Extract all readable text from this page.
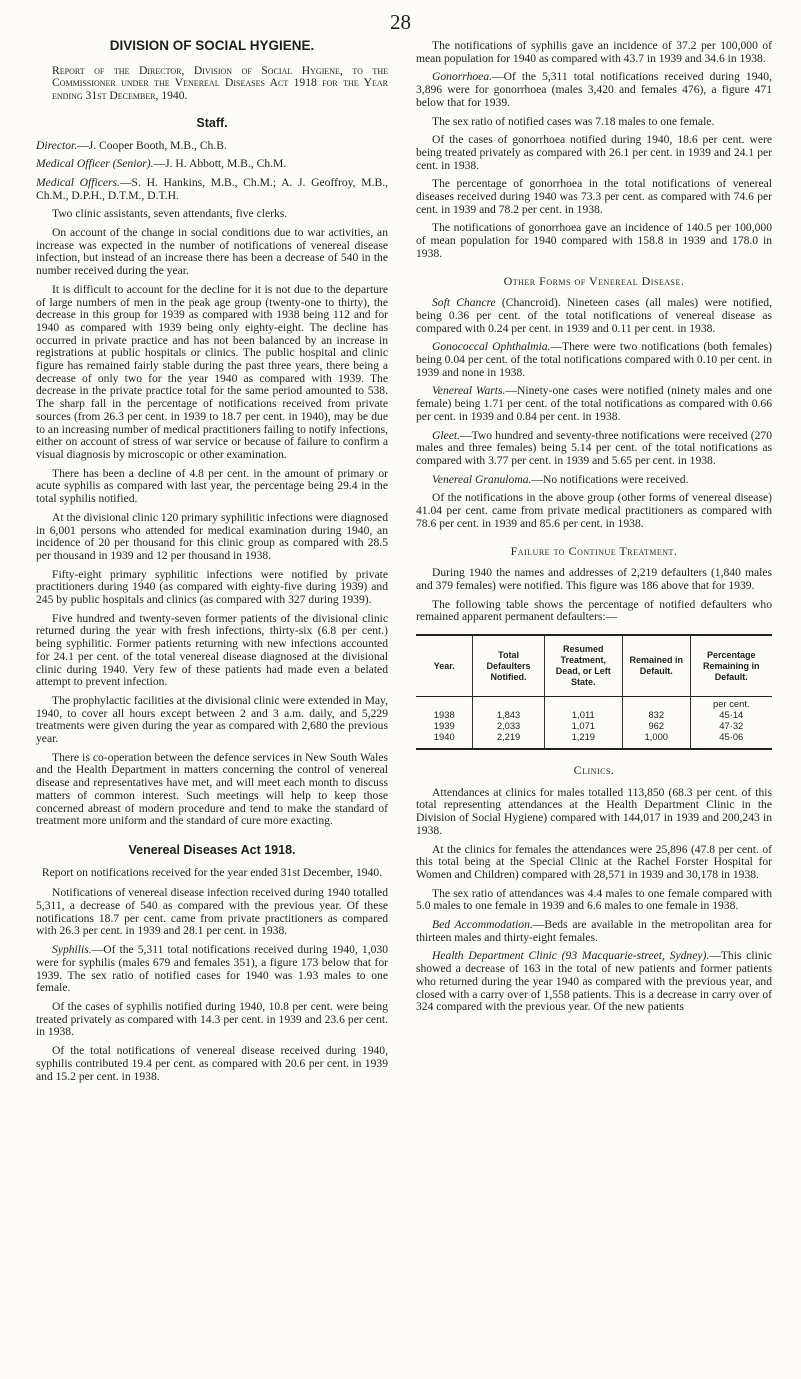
28
DIVISION OF SOCIAL HYGIENE.

Report of the Director, Division of Social Hygiene, to the Commissioner under the Venereal Diseases Act 1918 for the Year ending 31st December, 1940.

Staff.

Director.—J. Cooper Booth, M.B., Ch.B.

Medical Officer (Senior).—J. H. Abbott, M.B., Ch.M.

Medical Officers.—S. H. Hankins, M.B., Ch.M.; A. J. Geoffroy, M.B., Ch.M., D.P.H., D.T.M., D.T.H.

Two clinic assistants, seven attendants, five clerks.

On account of the change in social conditions due to war activities, an increase was expected in the number of notifications of venereal disease infection, but instead of an increase there has been a decrease of 540 in the number received during the year.

It is difficult to account for the decline for it is not due to the departure of large numbers of men in the peak age group (twenty-one to thirty), the decrease in this group for 1939 as compared with 1938 being 112 and for 1940 as compared with 1939 being only eighty-eight. The decline has occurred in private practice and has not been balanced by an increase in registrations at public hospitals or clinics. The public hospital and clinic figure has remained fairly stable during the past three years, there being a decrease of only two for the year 1940 as compared with 1939. The decrease in the private practice total for the same period amounted to 538. The sharp fall in the percentage of notifications received from private sources (from 26.3 per cent. in 1939 to 18.7 per cent. in 1940), may be due to an increasing number of medical practitioners failing to notify infections, either on account of stress of war service or because of failure to confirm a visual diagnosis by microscopic or other examination.

There has been a decline of 4.8 per cent. in the amount of primary or acute syphilis as compared with last year, the percentage being 29.4 in the total syphilis notified.

At the divisional clinic 120 primary syphilitic infections were diagnosed in 6,001 persons who attended for medical examination during 1940, an incidence of 20 per thousand for this clinic group as compared with 28.5 per thousand in 1939 and 12 per thousand in 1938.

Fifty-eight primary syphilitic infections were notified by private practitioners during 1940 (as compared with eighty-five during 1939) and 245 by public hospitals and clinics (as compared with 327 during 1939).

Five hundred and twenty-seven former patients of the divisional clinic returned during the year with fresh infections, thirty-six (6.8 per cent.) being syphilitic. Former patients returning with new infections accounted for 24.1 per cent. of the total venereal disease diagnosed at the divisional clinic during 1940. Very few of these patients had made even a belated attempt to prevent infection.

The prophylactic facilities at the divisional clinic were extended in May, 1940, to cover all hours except between 2 and 3 a.m. daily, and 5,229 treatments were given during the year as compared with 2,680 the previous year.

There is co-operation between the defence services in New South Wales and the Health Department in matters concerning the control of venereal disease and representatives have met, and will meet each month to discuss matters of common interest. Such meetings will help to keep those concerned abreast of modern procedure and tend to make the standard of treatment more uniform and the standard of cure more exacting.

Venereal Diseases Act 1918.
Report on notifications received for the year ended 31st December, 1940.

Notifications of venereal disease infection received during 1940 totalled 5,311, a decrease of 540 as compared with the previous year. Of these notifications 18.7 per cent. came from private practitioners as compared with 26.3 per cent. in 1939 and 28.1 per cent. in 1938.

Syphilis.—Of the 5,311 total notifications received during 1940, 1,030 were for syphilis (males 679 and females 351), a figure 173 below that for 1939. The sex ratio of notified cases for 1940 was 1.93 males to one female.

Of the cases of syphilis notified during 1940, 10.8 per cent. were being treated privately as compared with 14.3 per cent. in 1939 and 23.6 per cent. in 1938.

Of the total notifications of venereal disease received during 1940, syphilis contributed 19.4 per cent. as compared with 20.6 per cent. in 1939 and 15.2 per cent. in 1938.

The notifications of syphilis gave an incidence of 37.2 per 100,000 of mean population for 1940 as compared with 43.7 in 1939 and 34.6 in 1938.

Gonorrhoea.—Of the 5,311 total notifications received during 1940, 3,896 were for gonorrhoea (males 3,420 and females 476), a figure 471 below that for 1939.

The sex ratio of notified cases was 7.18 males to one female.

Of the cases of gonorrhoea notified during 1940, 18.6 per cent. were being treated privately as compared with 26.1 per cent. in 1939 and 24.1 per cent. in 1938.

The percentage of gonorrhoea in the total notifications of venereal diseases received during 1940 was 73.3 per cent. as compared with 74.6 per cent. in 1939 and 78.2 per cent. in 1938.

The notifications of gonorrhoea gave an incidence of 140.5 per 100,000 of mean population for 1940 compared with 158.8 in 1939 and 178.0 in 1938.

Other Forms of Venereal Disease.

Soft Chancre (Chancroid). Nineteen cases (all males) were notified, being 0.36 per cent. of the total notifications of venereal disease as compared with 0.24 per cent. in 1939 and 0.11 per cent. in 1938.

Gonococcal Ophthalmia.—There were two notifications (both females) being 0.04 per cent. of the total notifications compared with 0.10 per cent. in 1939 and none in 1938.

Venereal Warts.—Ninety-one cases were notified (ninety males and one female) being 1.71 per cent. of the total notifications as compared with 0.66 per cent. in 1939 and 0.84 per cent. in 1938.

Gleet.—Two hundred and seventy-three notifications were received (270 males and three females) being 5.14 per cent. of the total notifications as compared with 3.77 per cent. in 1939 and 5.65 per cent. in 1938.

Venereal Granuloma.—No notifications were received.

Of the notifications in the above group (other forms of venereal disease) 41.04 per cent. came from private medical practitioners as compared with 78.6 per cent. in 1939 and 85.6 per cent. in 1938.

Failure to Continue Treatment.

During 1940 the names and addresses of 2,219 defaulters (1,840 males and 379 females) were notified. This figure was 186 above that for 1939.

The following table shows the percentage of notified defaulters who remained apparent permanent defaulters:—

Year.	Total Defaulters Notified.	Resumed Treatment, Dead, or Left State.	Remained in Default.	Percentage Remaining in Default.
				per cent.
1938	1,843	1,011	832	45·14
1939	2,033	1,071	962	47·32
1940	2,219	1,219	1,000	45·06
Clinics.

Attendances at clinics for males totalled 113,850 (68.3 per cent. of this total representing attendances at the Health Department Clinic in the Division of Social Hygiene) compared with 144,017 in 1939 and 200,243 in 1938.

At the clinics for females the attendances were 25,896 (47.8 per cent. of this total being at the Special Clinic at the Rachel Forster Hospital for Women and Children) compared with 28,571 in 1939 and 30,178 in 1938.

The sex ratio of attendances was 4.4 males to one female compared with 5.0 males to one female in 1939 and 6.6 males to one female in 1938.

Bed Accommodation.—Beds are available in the metropolitan area for thirteen males and thirty-eight females.

Health Department Clinic (93 Macquarie-street, Sydney).—This clinic showed a decrease of 163 in the total of new patients and former patients who returned during the year 1940 as compared with the previous year, and closed with a carry over of 1,558 patients. This is a decrease in carry over of 324 compared with the previous year. Of the new patients
